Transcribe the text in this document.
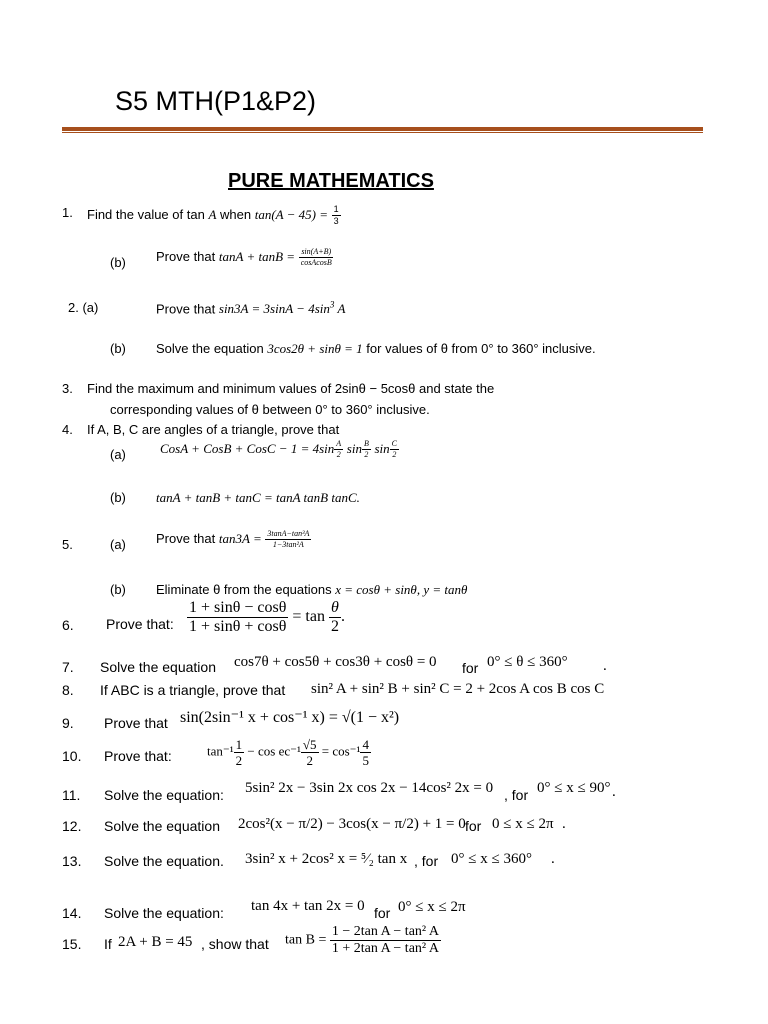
S5 MTH(P1&P2)
PURE MATHEMATICS
1. Find the value of tan A when $\tan(A - 45) = \frac{1}{3}$
(b) Prove that $\tan A + \tan B = \frac{\sin(A+B)}{\text{cosAcosB}}$
2. (a)	Prove that $\sin 3A = 3\sin A - 4\sin^3$ A
(b) Solve the equation 3cos2θ + sinθ = 1 for values of θ from 0° to 360° inclusive.
3. Find the maximum and minimum values of 2sinθ − 5cosθ and state the
corresponding values of θ between 0° to 360° inclusive.
4. If A, B, C are angles of a triangle, prove that
(a)	CosA + CosB + CosC − $1 = 4\sin \frac{A}{2}$ $\sin \frac{B}{2}$ $\sin \frac{C}{2}$
(b) tanA + tanB + tanC = tanA tanB tanC.
5.	(a) Prove that $\tan 3A = \frac{\text{3tanA−tan³A}}{\text{1−3tan²A}}$
(b) Eliminate θ from the equations x = cosθ + sinθ, y = tanθ
6. Prove that: $\frac{1 + \sin\theta - \cos\theta}{1 + \sin\theta + \cos\theta} = \tan \frac{\theta}{2}$ .
7. Solve the equation cos7θ + cos5θ + cos3θ + cosθ = 0 for 0° ≤ θ ≤ 360° .
8. If ABC is a triangle, prove that sin² A + sin² B + sin² C = 2 + 2cos A cos B cos C
9. Prove that sin(2sin⁻¹ x + cos⁻¹ x) = √(1 − x²)
10. Prove that:	$\tan^{-1} \frac{1}{2} - \cos ec^{-1} \frac{√5}{2} = \cos^{-1} \frac{4}{5}$
11. Solve the equation: 5sin² 2x − 3sin 2x cos 2x − 14cos² 2x = 0 , for 0° ≤ x ≤ 90° .
12. Solve the equation 2cos²(x − π/2) − 3cos(x − π/2) + 1 = 0 for 0 ≤ x ≤ 2π .
13. Solve the equation. 3sin² x + 2cos² x = ⁵⁄₂ tan x , for 0° ≤ x ≤ 360° .
14. Solve the equation: tan 4x + tan 2x = 0 for 0° ≤ x ≤ 2π
15. If 2A + B = 45 , show that $\tan B = \frac{\text{1 − 2tan A − tan² A}}{\text{1 + 2tan A − tan² A}}$
